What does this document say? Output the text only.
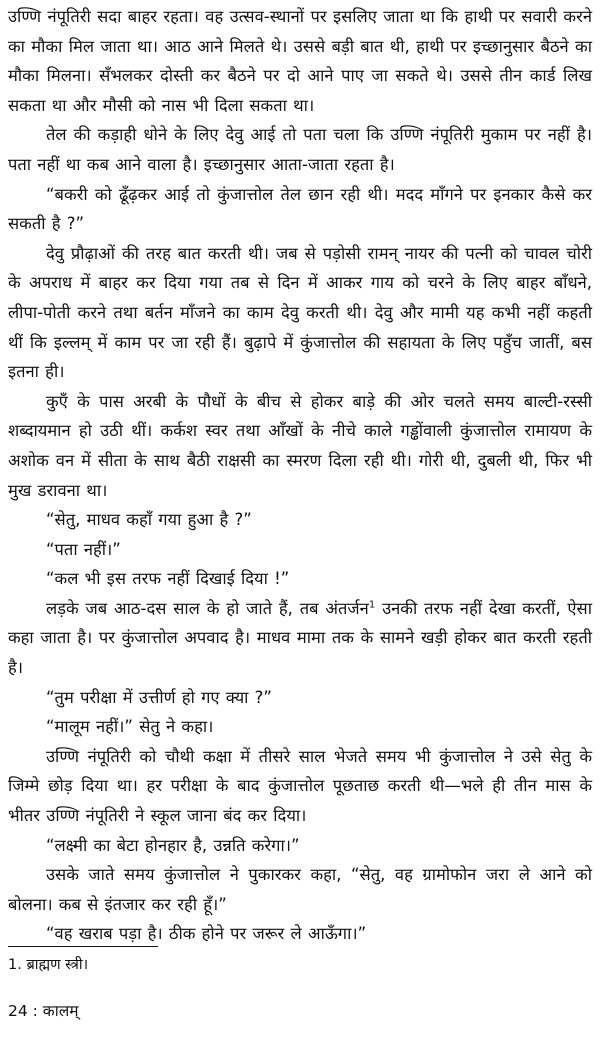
उण्णि नंपूतिरी सदा बाहर रहता। वह उत्सव-स्थानों पर इसलिए जाता था कि हाथी पर सवारी करने का मौका मिल जाता था। आठ आने मिलते थे। उससे बड़ी बात थी, हाथी पर इच्छानुसार बैठने का मौका मिलना। सँभलकर दोस्ती कर बैठने पर दो आने पाए जा सकते थे। उससे तीन कार्ड लिख सकता था और मौसी को नास भी दिला सकता था।

तेल की कड़ाही धोने के लिए देवु आई तो पता चला कि उण्णि नंपूतिरी मुकाम पर नहीं है। पता नहीं था कब आने वाला है। इच्छानुसार आता-जाता रहता है।

“बकरी को ढूँढ़कर आई तो कुंजात्तोल तेल छान रही थी। मदद माँगने पर इनकार कैसे कर सकती है ?”

देवु प्रौढ़ाओं की तरह बात करती थी। जब से पड़ोसी रामन् नायर की पत्नी को चावल चोरी के अपराध में बाहर कर दिया गया तब से दिन में आकर गाय को चरने के लिए बाहर बाँधने, लीपा-पोती करने तथा बर्तन माँजने का काम देवु करती थी। देवु और मामी यह कभी नहीं कहती थीं कि इल्लम् में काम पर जा रही हैं। बुढ़ापे में कुंजात्तोल की सहायता के लिए पहुँच जातीं, बस इतना ही।

कुएँ के पास अरबी के पौधों के बीच से होकर बाड़े की ओर चलते समय बाल्टी-रस्सी शब्दायमान हो उठी थीं। कर्कश स्वर तथा आँखों के नीचे काले गड्ढोंवाली कुंजात्तोल रामायण के अशोक वन में सीता के साथ बैठी राक्षसी का स्मरण दिला रही थी। गोरी थी, दुबली थी, फिर भी मुख डरावना था।

“सेतु, माधव कहाँ गया हुआ है ?”

“पता नहीं।”

“कल भी इस तरफ नहीं दिखाई दिया !”

लड़के जब आठ-दस साल के हो जाते हैं, तब अंतर्जन$^1$ उनकी तरफ नहीं देखा करतीं, ऐसा कहा जाता है। पर कुंजात्तोल अपवाद है। माधव मामा तक के सामने खड़ी होकर बात करती रहती है।

“तुम परीक्षा में उत्तीर्ण हो गए क्या ?”

“मालूम नहीं।” सेतु ने कहा।

उण्णि नंपूतिरी को चौथी कक्षा में तीसरे साल भेजते समय भी कुंजात्तोल ने उसे सेतु के जिम्मे छोड़ दिया था। हर परीक्षा के बाद कुंजात्तोल पूछताछ करती थी—भले ही तीन मास के भीतर उण्णि नंपूतिरी ने स्कूल जाना बंद कर दिया।

“लक्ष्मी का बेटा होनहार है, उन्नति करेगा।”

उसके जाते समय कुंजात्तोल ने पुकारकर कहा, “सेतु, वह ग्रामोफोन जरा ले आने को बोलना। कब से इंतजार कर रही हूँ।”

“वह खराब पड़ा है। ठीक होने पर जरूर ले आऊँगा।”

1. ब्राह्मण स्त्री।
24 : कालम्
